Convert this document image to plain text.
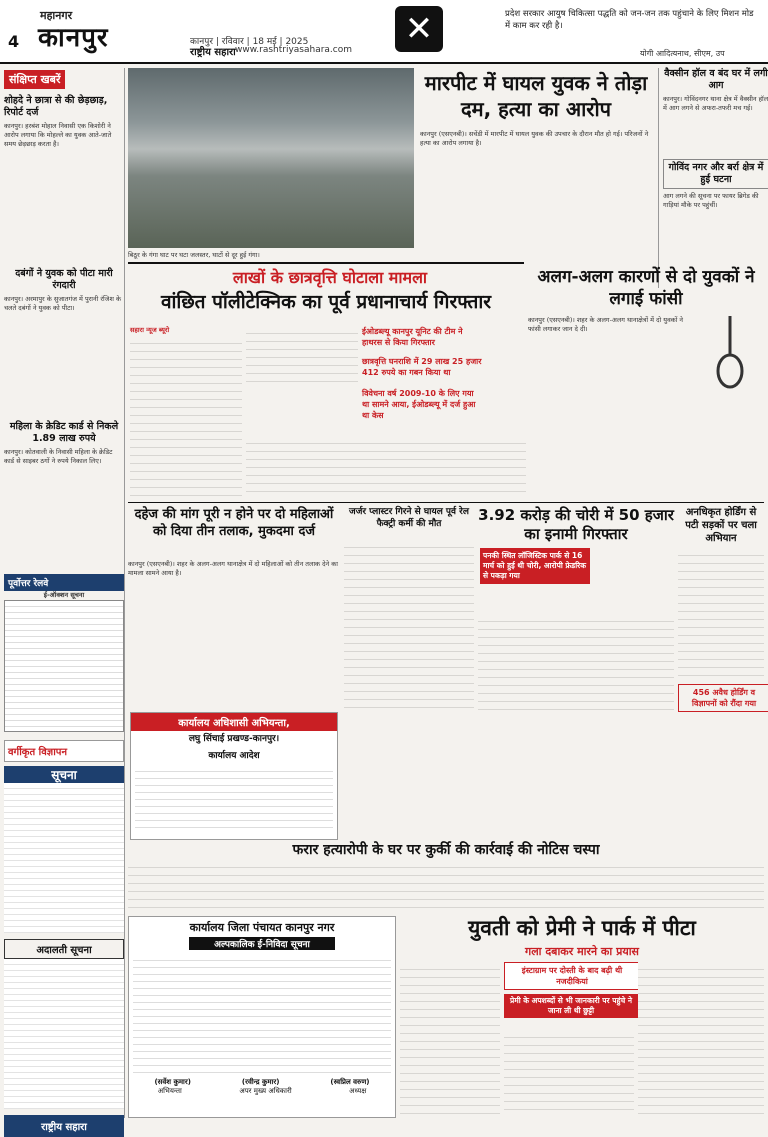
4
महानगर
कानपुर	कानपुर | रविवार | 18 मई | 2025
राष्ट्रीय सहारा www.rashtriyasahara.com
✕	प्रदेश सरकार आयुष चिकित्सा पद्धति को जन-जन तक पहुंचाने के लिए मिशन मोड में काम कर रही है।
योगी आदित्यनाथ, सीएम, उप
संक्षिप्त खबरें
शोहदे ने छात्रा से की छेड़छाड़, रिपोर्ट दर्ज
कानपुर। हरबंश मोहाल निवासी एक किशोरी ने आरोप लगाया कि मोहल्ले का युवक आते-जाते समय छेड़छाड़ करता है।
दबंगों ने युवक को पीटा मारी रंगदारी
कानपुर। अरमापुर के सुजातगंज में पुरानी रंजिश के चलते दबंगों ने युवक को पीटा।
महिला के क्रेडिट कार्ड से निकले 1.89 लाख रुपये
कानपुर। कोतवाली के निवासी महिला के क्रेडिट कार्ड से साइबर ठगों ने रुपये निकाल लिए।
पूर्वोत्तर रेलवे
ई-ऑक्शन सूचना
वर्गीकृत विज्ञापन
सूचना
अदालती सूचना
राष्ट्रीय सहारा
बिठूर के गंगा घाट पर घटा जलस्तर, घाटों से दूर हुई गंगा।
मारपीट में घायल युवक ने तोड़ा दम, हत्या का आरोप
कानपुर (एसएनबी)। सचेंडी में मारपीट में घायल युवक की उपचार के दौरान मौत हो गई। परिजनों ने हत्या का आरोप लगाया है।
वैक्सीन हॉल व बंद घर में लगी आग
कानपुर। गोविंदनगर थाना क्षेत्र में वैक्सीन हॉल में आग लगने से अफरा-तफरी मच गई।
गोविंद नगर और बर्रा क्षेत्र में हुई घटना
आग लगने की सूचना पर फायर ब्रिगेड की गाड़ियां मौके पर पहुंचीं।
लाखों के छात्रवृत्ति घोटाला मामला
वांछित पॉलीटेक्निक का पूर्व प्रधानाचार्य गिरफ्तार
सहारा न्यूज ब्यूरो	ईओडब्ल्यू कानपुर यूनिट की टीम ने हाथरस से किया गिरफ्तार
छात्रवृत्ति घनराशि में 29 लाख 25 हजार 412 रुपये का गबन किया था
विवेचना वर्ष 2009-10 के लिए गया था सामने आया, ईओडब्ल्यू में दर्ज हुआ था केस
अलग-अलग कारणों से दो युवकों ने लगाई फांसी
कानपुर (एसएनबी)। शहर के अलग-अलग थानाक्षेत्रों में दो युवकों ने फांसी लगाकर जान दे दी।
दहेज की मांग पूरी न होने पर दो महिलाओं को दिया तीन तलाक, मुकदमा दर्ज
कानपुर (एसएनबी)। शहर के अलग-अलग थानाक्षेत्र में दो महिलाओं को तीन तलाक देने का मामला सामने आया है।
जर्जर प्लास्टर गिरने से घायल पूर्व रेल फैक्ट्री कर्मी की मौत	3.92 करोड़ की चोरी में 50 हजार का इनामी गिरफ्तार
पनकी स्थित लॉजिस्टिक पार्क से 16 मार्च को हुई थी चोरी, आरोपी फ्रेडरिक से पकड़ा गया
अनधिकृत होर्डिंग से पटी सड़कों पर चला अभियान
456 अवैध होर्डिंग व विज्ञापनों को रौंदा गया
कार्यालय अधिशासी अभियन्ता,
लघु सिंचाई प्रखण्ड-कानपुर।
कार्यालय आदेश
फरार हत्यारोपी के घर पर कुर्की की कार्रवाई की नोटिस चस्पा
कार्यालय जिला पंचायत कानपुर नगर
अल्पकालिक ई-निविदा सूचना
(सर्वेश कुमार)	(रवीन्द्र कुमार)	(स्वप्निल वरुण)
अभियन्ता	अपर मुख्य अधिकारी	अध्यक्ष
युवती को प्रेमी ने पार्क में पीटा
गला दबाकर मारने का प्रयास
इंस्टाग्राम पर दोस्ती के बाद बढ़ी थी नजदीकियां
प्रेमी के अपशब्दों से भी जानकारी पर पहुंचे ने जाना ली थी छुट्टी
